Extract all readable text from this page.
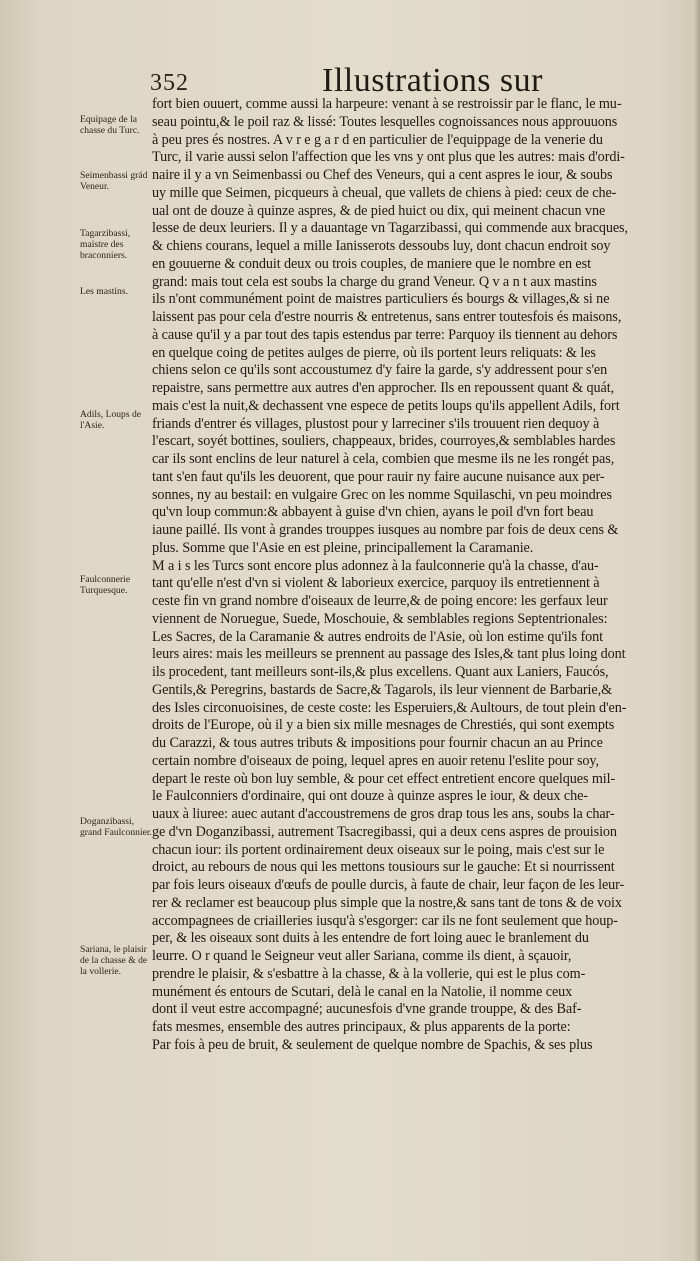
352	Illustrations sur
Equipage de la chasse du Turc.
Seimenbassi grád Veneur.
Tagarzibassi, maistre des braconniers.
Les mastins.
Adils, Loups de l'Asie.
Faulconnerie Turquesque.
Doganzibassi, grand Faulconnier.
Sariana, le plaisir de la chasse & de la vollerie.
fort bien ouuert, comme aussi la harpeure: venant à se restroissir par le flanc, le mu-
seau pointu,& le poil raz & lissé: Toutes lesquelles cognoissances nous approuuons
à peu pres és nostres. A v r e g a r d en particulier de l'equippage de la venerie du
Turc, il varie aussi selon l'affection que les vns y ont plus que les autres: mais d'ordi-
naire il y a vn Seimenbassi ou Chef des Veneurs, qui a cent aspres le iour, & soubs
uy mille que Seimen, picqueurs à cheual, que vallets de chiens à pied: ceux de che-
ual ont de douze à quinze aspres, & de pied huict ou dix, qui meinent chacun vne
lesse de deux leuriers. Il y a dauantage vn Tagarzibassi, qui commende aux bracques,
& chiens courans, lequel a mille Ianisserots dessoubs luy, dont chacun endroit soy
en gouuerne & conduit deux ou trois couples, de maniere que le nombre en est
grand: mais tout cela est soubs la charge du grand Veneur. Q v a n t aux mastins
ils n'ont communément point de maistres particuliers és bourgs & villages,& si ne
laissent pas pour cela d'estre nourris & entretenus, sans entrer toutesfois és maisons,
à cause qu'il y a par tout des tapis estendus par terre: Parquoy ils tiennent au dehors
en quelque coing de petites aulges de pierre, où ils portent leurs reliquats: & les
chiens selon ce qu'ils sont accoustumez d'y faire la garde, s'y addressent pour s'en
repaistre, sans permettre aux autres d'en approcher. Ils en repoussent quant & quát,
mais c'est la nuit,& dechassent vne espece de petits loups qu'ils appellent Adils, fort
friands d'entrer és villages, plustost pour y larreciner s'ils trouuent rien dequoy à
l'escart, soyét bottines, souliers, chappeaux, brides, courroyes,& semblables hardes
car ils sont enclins de leur naturel à cela, combien que mesme ils ne les rongét pas,
tant s'en faut qu'ils les deuorent, que pour rauir ny faire aucune nuisance aux per-
sonnes, ny au bestail: en vulgaire Grec on les nomme Squilaschi, vn peu moindres
qu'vn loup commun:& abbayent à guise d'vn chien, ayans le poil d'vn fort beau
iaune paillé. Ils vont à grandes trouppes iusques au nombre par fois de deux cens &
plus. Somme que l'Asie en est pleine, principallement la Caramanie.
M a i s les Turcs sont encore plus adonnez à la faulconnerie qu'à la chasse, d'au-
tant qu'elle n'est d'vn si violent & laborieux exercice, parquoy ils entretiennent à
ceste fin vn grand nombre d'oiseaux de leurre,& de poing encore: les gerfaux leur
viennent de Noruegue, Suede, Moschouie, & semblables regions Septentrionales:
Les Sacres, de la Caramanie & autres endroits de l'Asie, où lon estime qu'ils font
leurs aires: mais les meilleurs se prennent au passage des Isles,& tant plus loing dont
ils procedent, tant meilleurs sont-ils,& plus excellens. Quant aux Laniers, Faucós,
Gentils,& Peregrins, bastards de Sacre,& Tagarols, ils leur viennent de Barbarie,&
des Isles circonuoisines, de ceste coste: les Esperuiers,& Aultours, de tout plein d'en-
droits de l'Europe, où il y a bien six mille mesnages de Chrestiés, qui sont exempts
du Carazzi, & tous autres tributs & impositions pour fournir chacun an au Prince
certain nombre d'oiseaux de poing, lequel apres en auoir retenu l'eslite pour soy,
depart le reste où bon luy semble, & pour cet effect entretient encore quelques mil-
le Faulconniers d'ordinaire, qui ont douze à quinze aspres le iour, & deux che-
uaux à liuree: auec autant d'accoustremens de gros drap tous les ans, soubs la char-
ge d'vn Doganzibassi, autrement Tsacregibassi, qui a deux cens aspres de prouision
chacun iour: ils portent ordinairement deux oiseaux sur le poing, mais c'est sur le
droict, au rebours de nous qui les mettons tousiours sur le gauche: Et si nourrissent
par fois leurs oiseaux d'œufs de poulle durcis, à faute de chair, leur façon de les leur-
rer & reclamer est beaucoup plus simple que la nostre,& sans tant de tons & de voix
accompagnees de criailleries iusqu'à s'esgorger: car ils ne font seulement que houp-
per, & les oiseaux sont duits à les entendre de fort loing auec le branlement du
leurre. O r quand le Seigneur veut aller Sariana, comme ils dient, à sçauoir,
prendre le plaisir, & s'esbattre à la chasse, & à la vollerie, qui est le plus com-
munément és entours de Scutari, delà le canal en la Natolie, il nomme ceux
dont il veut estre accompagné; aucunesfois d'vne grande trouppe, & des Baf-
fats mesmes, ensemble des autres principaux, & plus apparents de la porte:
Par fois à peu de bruit, & seulement de quelque nombre de Spachis, & ses plus
